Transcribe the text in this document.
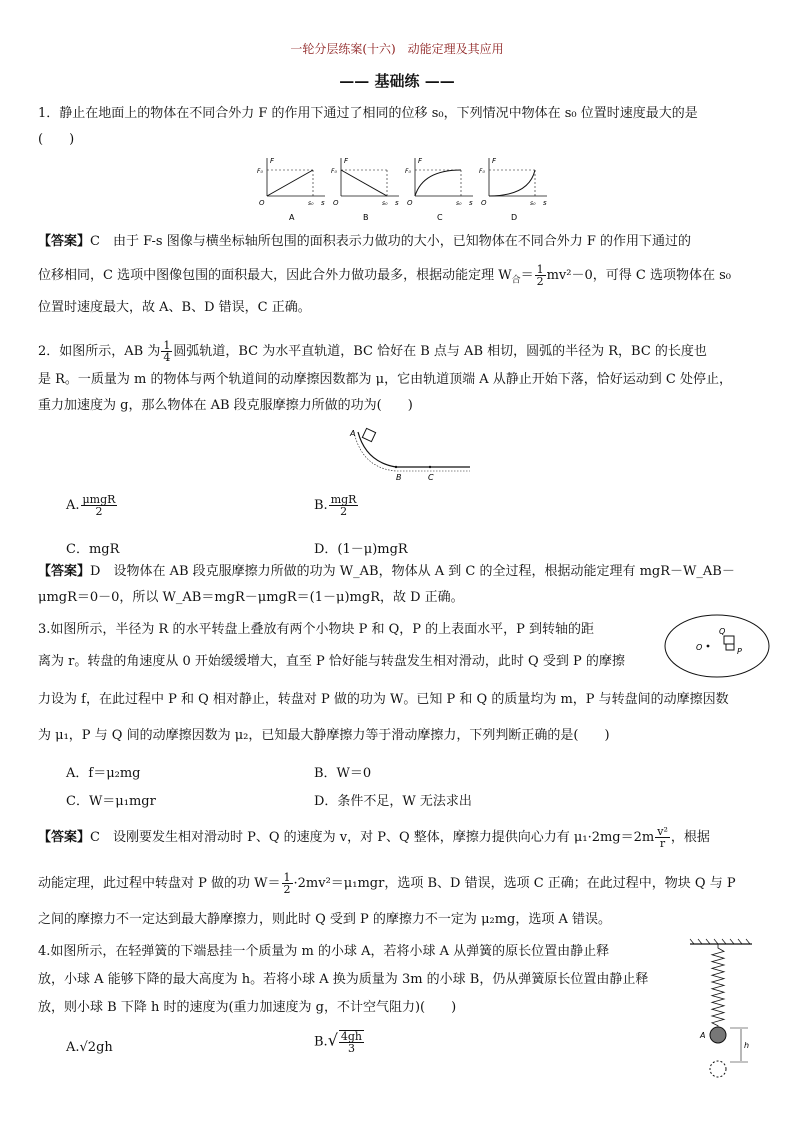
一轮分层练案(十六)　动能定理及其应用
—— 基础练 ——
1．静止在地面上的物体在不同合外力 F 的作用下通过了相同的位移 s₀，下列情况中物体在 s₀ 位置时速度最大的是
(　　)
F
F₀
O	s₀ s
A
F
F₀
O	s₀ s
B
F
F₀
O	s₀ s
C
F
F₀
O	s₀ s
D
【答案】C　由于 F-s 图像与横坐标轴所包围的面积表示力做功的大小，已知物体在不同合外力 F 的作用下通过的
位移相同，C 选项中图像包围的面积最大，因此合外力做功最多，根据动能定理 $W_合= \frac{1}{2} mv^2-0$，可得 C 选项物体在 s₀
位置时速度最大，故 A、B、D 错误，C 正确。
2．如图所示，AB 为 $\frac{1}{4}$ 圆弧轨道，BC 为水平直轨道，BC 恰好在 B 点与 AB 相切，圆弧的半径为 R，BC 的长度也
是 R。一质量为 m 的物体与两个轨道间的动摩擦因数都为 μ，它由轨道顶端 A 从静止开始下落，恰好运动到 C 处停止，
重力加速度为 g，那么物体在 AB 段克服摩擦力所做的功为(　　)
A
B	C
A. $\frac{\text{μmgR}}{2}$	B. $\frac{\text{mgR}}{2}$
C．mgR	D．(1－μ)mgR
【答案】D　设物体在 AB 段克服摩擦力所做的功为 W_AB，物体从 A 到 C 的全过程，根据动能定理有 mgR－W_AB－
μmgR＝0－0，所以 W_AB＝mgR－μmgR＝(1－μ)mgR，故 D 正确。
3.如图所示，半径为 R 的水平转盘上叠放有两个小物块 P 和 Q，P 的上表面水平，P 到转轴的距
离为 r。转盘的角速度从 0 开始缓缓增大，直至 P 恰好能与转盘发生相对滑动，此时 Q 受到 P 的摩擦
力设为 f，在此过程中 P 和 Q 相对静止，转盘对 P 做的功为 W。已知 P 和 Q 的质量均为 m，P 与转盘间的动摩擦因数
为 μ₁，P 与 Q 间的动摩擦因数为 μ₂，已知最大静摩擦力等于滑动摩擦力，下列判断正确的是(　　)
O
Q
P
A．f＝μ₂mg	B．W＝0
C．W＝μ₁mgr	D．条件不足，W 无法求出
【答案】C　设刚要发生相对滑动时 P、Q 的速度为 v，对 P、Q 整体，摩擦力提供向心力有 $\mu_1\cdot 2mg=2m \frac{\text{v²}}{r}$ ，根据
动能定理，此过程中转盘对 P 做的功 $W= \frac{1}{2} \cdot 2mv^2=\mu_1mgr$，选项 B、D 错误，选项 C 正确；在此过程中，物块 Q 与 P
之间的摩擦力不一定达到最大静摩擦力，则此时 Q 受到 P 的摩擦力不一定为 μ₂mg，选项 A 错误。
4.如图所示，在轻弹簧的下端悬挂一个质量为 m 的小球 A，若将小球 A 从弹簧的原长位置由静止释
放，小球 A 能够下降的最大高度为 h。若将小球 A 换为质量为 3m 的小球 B，仍从弹簧原长位置由静止释
放，则小球 B 下降 h 时的速度为(重力加速度为 g，不计空气阻力)(　　)
A.√2gh	$B.√ \frac{4gh}{3}$	A
h
